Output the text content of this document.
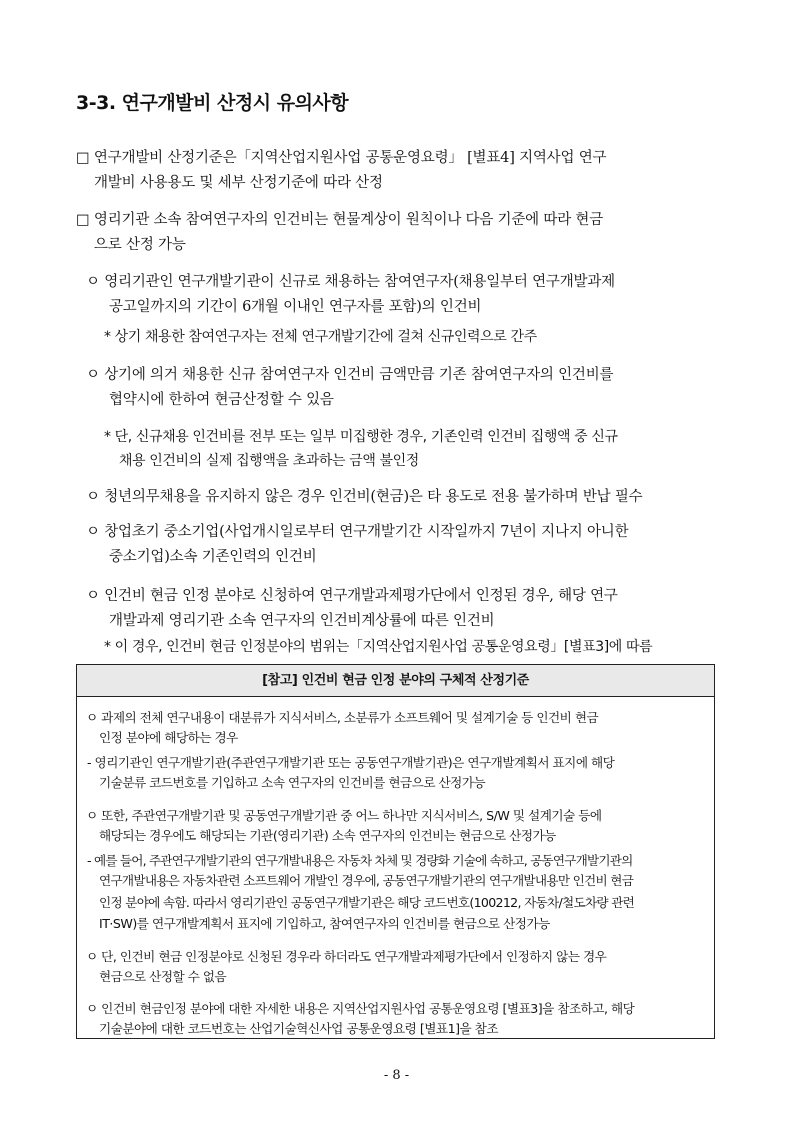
3-3. 연구개발비 산정시 유의사항
□ 연구개발비 산정기준은「지역산업지원사업 공통운영요령」 [별표4] 지역사업 연구
개발비 사용용도 및 세부 산정기준에 따라 산정
□ 영리기관 소속 참여연구자의 인건비는 현물계상이 원칙이나 다음 기준에 따라 현금
으로 산정 가능
ㅇ 영리기관인 연구개발기관이 신규로 채용하는 참여연구자(채용일부터 연구개발과제
공고일까지의 기간이 6개월 이내인 연구자를 포함)의 인건비
* 상기 채용한 참여연구자는 전체 연구개발기간에 걸쳐 신규인력으로 간주
ㅇ 상기에 의거 채용한 신규 참여연구자 인건비 금액만큼 기존 참여연구자의 인건비를
협약시에 한하여 현금산정할 수 있음
* 단, 신규채용 인건비를 전부 또는 일부 미집행한 경우, 기존인력 인건비 집행액 중 신규
채용 인건비의 실제 집행액을 초과하는 금액 불인정
ㅇ 청년의무채용을 유지하지 않은 경우 인건비(현금)은 타 용도로 전용 불가하며 반납 필수
ㅇ 창업초기 중소기업(사업개시일로부터 연구개발기간 시작일까지 7년이 지나지 아니한
중소기업)소속 기존인력의 인건비
ㅇ 인건비 현금 인정 분야로 신청하여 연구개발과제평가단에서 인정된 경우, 해당 연구
개발과제 영리기관 소속 연구자의 인건비계상률에 따른 인건비
* 이 경우, 인건비 현금 인정분야의 범위는「지역산업지원사업 공통운영요령」[별표3]에 따름
[참고] 인건비 현금 인정 분야의 구체적 산정기준
ㅇ 과제의 전체 연구내용이 대분류가 지식서비스, 소분류가 소프트웨어 및 설계기술 등 인건비 현금
인정 분야에 해당하는 경우
- 영리기관인 연구개발기관(주관연구개발기관 또는 공동연구개발기관)은 연구개발계획서 표지에 해당
기술분류 코드번호를 기입하고 소속 연구자의 인건비를 현금으로 산정가능
ㅇ 또한, 주관연구개발기관 및 공동연구개발기관 중 어느 하나만 지식서비스, S/W 및 설계기술 등에
해당되는 경우에도 해당되는 기관(영리기관) 소속 연구자의 인건비는 현금으로 산정가능
- 예를 들어, 주관연구개발기관의 연구개발내용은 자동차 차체 및 경량화 기술에 속하고, 공동연구개발기관의
연구개발내용은 자동차관련 소프트웨어 개발인 경우에, 공동연구개발기관의 연구개발내용만 인건비 현금
인정 분야에 속함. 따라서 영리기관인 공동연구개발기관은 해당 코드번호(100212, 자동차/철도차량 관련
IT·SW)를 연구개발계획서 표지에 기입하고, 참여연구자의 인건비를 현금으로 산정가능
ㅇ 단, 인건비 현금 인정분야로 신청된 경우라 하더라도 연구개발과제평가단에서 인정하지 않는 경우
현금으로 산정할 수 없음
ㅇ 인건비 현금인정 분야에 대한 자세한 내용은 지역산업지원사업 공통운영요령 [별표3]을 참조하고, 해당
기술분야에 대한 코드번호는 산업기술혁신사업 공통운영요령 [별표1]을 참조
- 8 -
